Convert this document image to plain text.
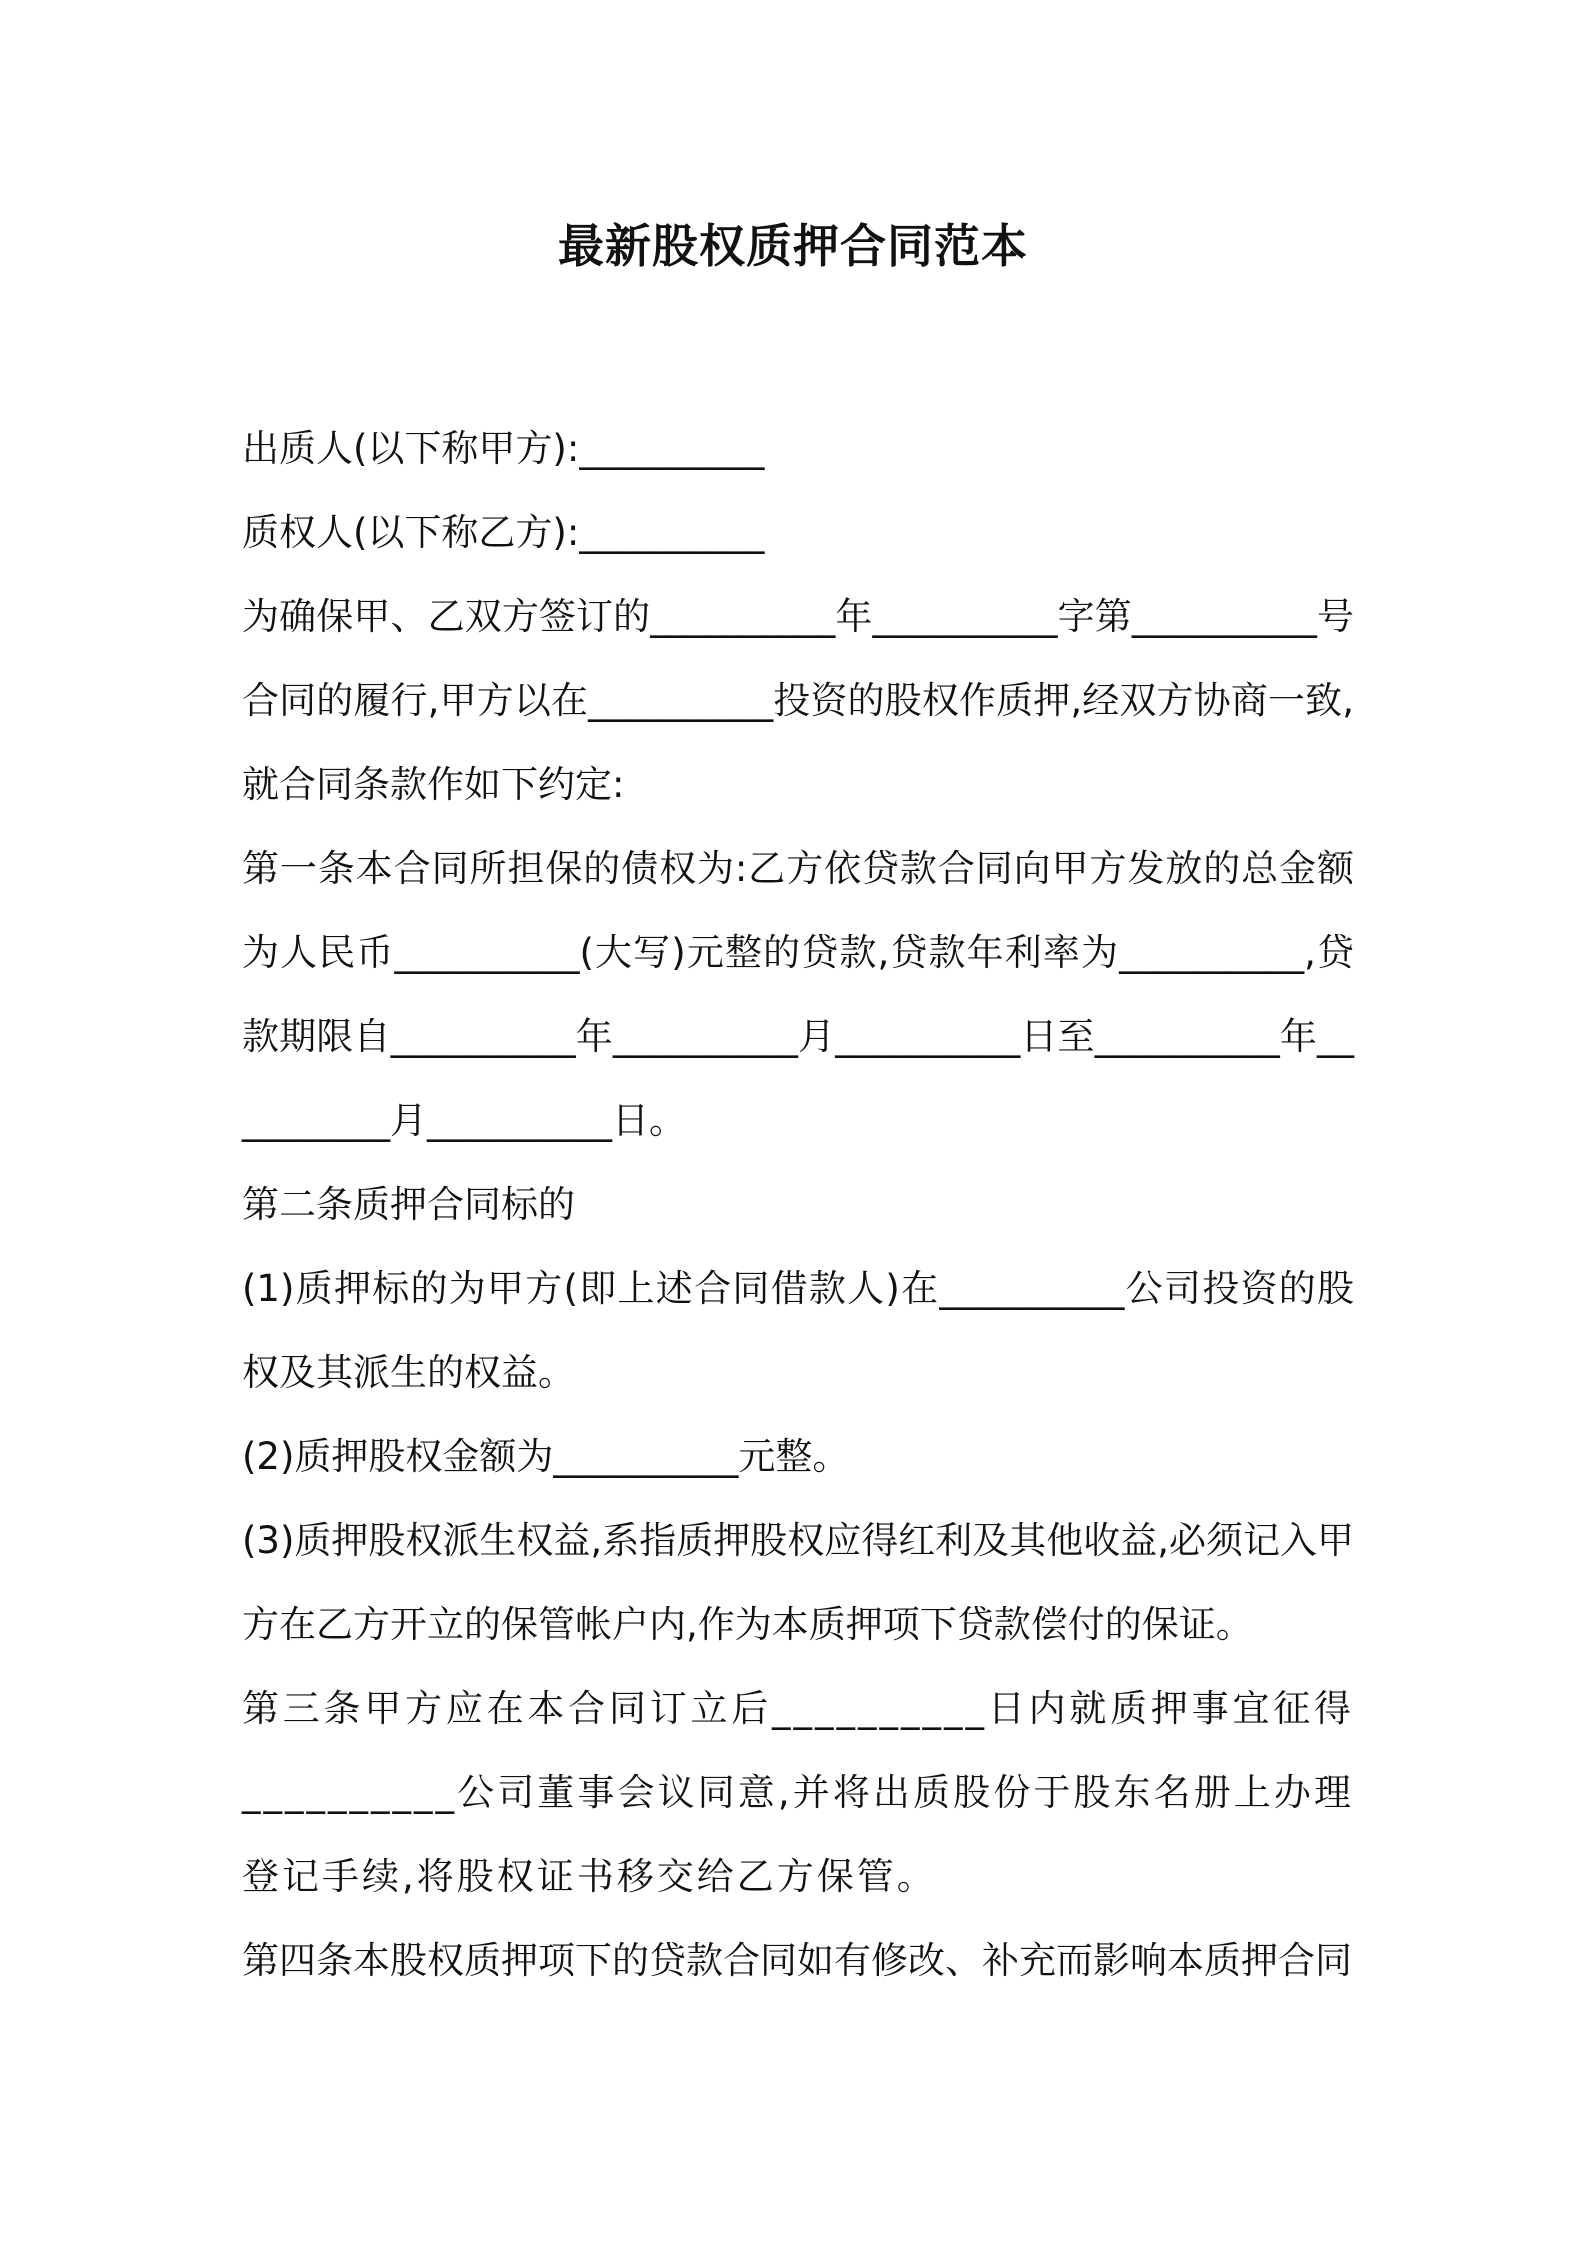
最新股权质押合同范本

出质人(以下称甲方):__________

质权人(以下称乙方):__________

为确保甲、乙双方签订的__________年__________字第__________号合同的履行,甲方以在__________投资的股权作质押,经双方协商一致,就合同条款作如下约定:

第一条本合同所担保的债权为:乙方依贷款合同向甲方发放的总金额为人民币__________(大写)元整的贷款,贷款年利率为__________,贷款期限自__________年__________月__________日至__________年__________月__________日。

第二条质押合同标的

(1)质押标的为甲方(即上述合同借款人)在__________公司投资的股权及其派生的权益。

(2)质押股权金额为__________元整。

(3)质押股权派生权益,系指质押股权应得红利及其他收益,必须记入甲方在乙方开立的保管帐户内,作为本质押项下贷款偿付的保证。

第三条甲方应在本合同订立后__________日内就质押事宜征得__________公司董事会议同意,并将出质股份于股东名册上办理登记手续,将股权证书移交给乙方保管。

第四条本股权质押项下的贷款合同如有修改、补充而影响本质押合同
